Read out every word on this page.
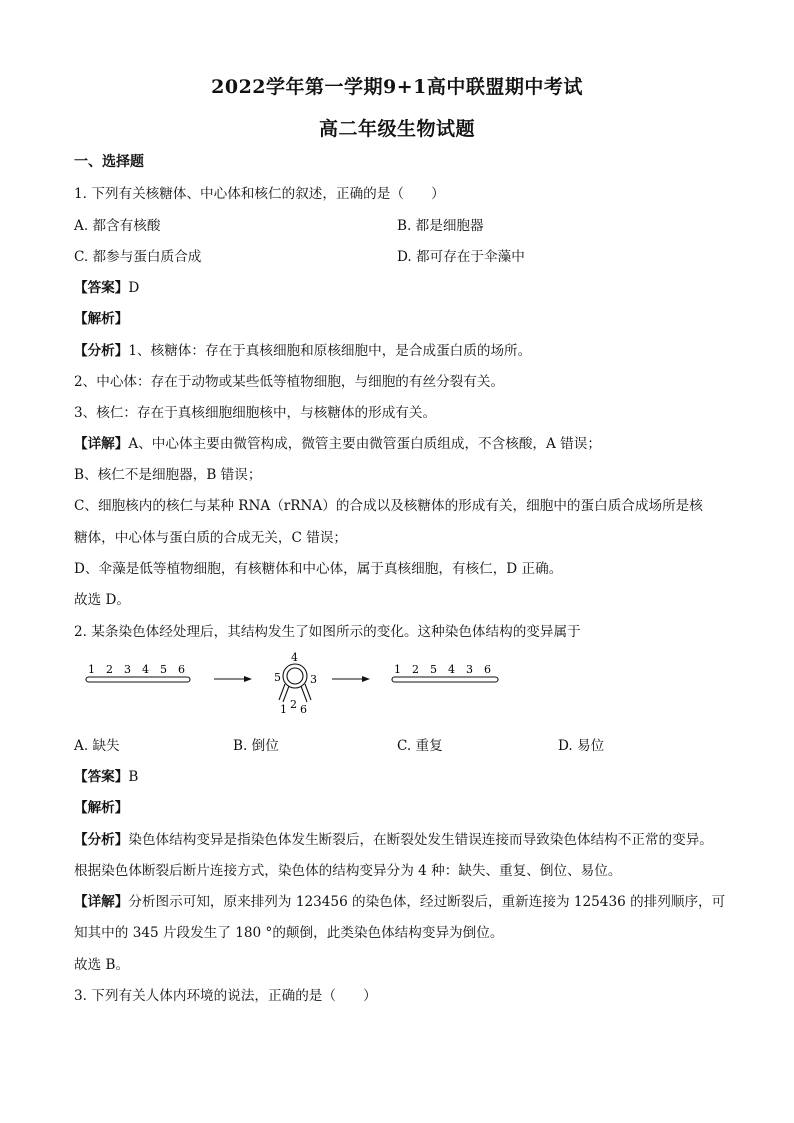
2022学年第一学期9+1高中联盟期中考试
高二年级生物试题
一、选择题
1. 下列有关核糖体、中心体和核仁的叙述，正确的是（　　）
A. 都含有核酸	B. 都是细胞器
C. 都参与蛋白质合成	D. 都可存在于伞藻中
【答案】D
【解析】
【分析】1、核糖体：存在于真核细胞和原核细胞中，是合成蛋白质的场所。
2、中心体：存在于动物或某些低等植物细胞，与细胞的有丝分裂有关。
3、核仁：存在于真核细胞细胞核中，与核糖体的形成有关。
【详解】A、中心体主要由微管构成，微管主要由微管蛋白质组成，不含核酸，A 错误；
B、核仁不是细胞器，B 错误；
C、细胞核内的核仁与某种 RNA（rRNA）的合成以及核糖体的形成有关，细胞中的蛋白质合成场所是核
糖体，中心体与蛋白质的合成无关，C 错误；
D、伞藻是低等植物细胞，有核糖体和中心体，属于真核细胞，有核仁，D 正确。
故选 D。
2. 某条染色体经处理后，其结构发生了如图所示的变化。这种染色体结构的变异属于
1 2 3 4 5 6
4
5	3
1 2 6
1 2 5 4 3 6
A. 缺失	B. 倒位	C. 重复	D. 易位
【答案】B
【解析】
【分析】染色体结构变异是指染色体发生断裂后，在断裂处发生错误连接而导致染色体结构不正常的变异。
根据染色体断裂后断片连接方式，染色体的结构变异分为 4 种：缺失、重复、倒位、易位。
【详解】分析图示可知，原来排列为 123456 的染色体，经过断裂后，重新连接为 125436 的排列顺序，可
知其中的 345 片段发生了 180 °的颠倒，此类染色体结构变异为倒位。
故选 B。
3. 下列有关人体内环境的说法，正确的是（　　）
